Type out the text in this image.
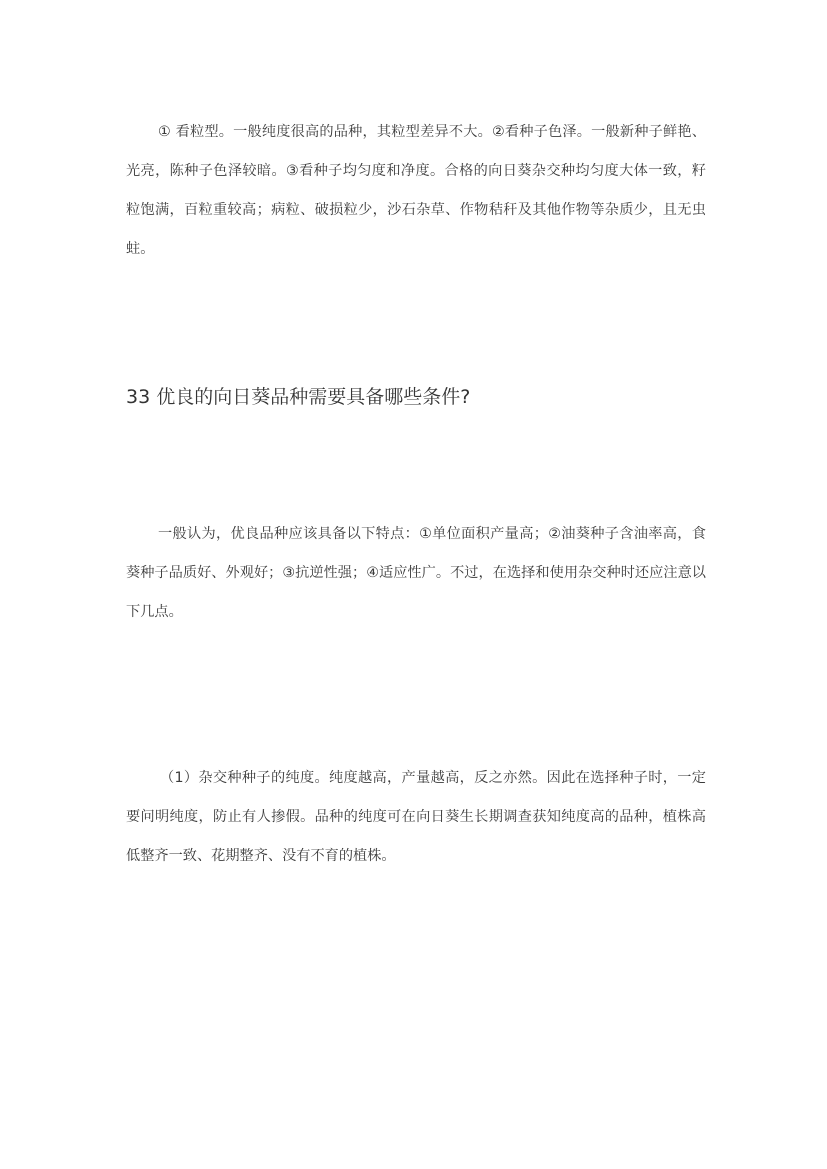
① 看粒型。一般纯度很高的品种，其粒型差异不大。②看种子色泽。一般新种子鲜艳、光亮，陈种子色泽较暗。③看种子均匀度和净度。合格的向日葵杂交种均匀度大体一致，籽粒饱满，百粒重较高；病粒、破损粒少，沙石杂草、作物秸秆及其他作物等杂质少，且无虫蛀。

33 优良的向日葵品种需要具备哪些条件?

一般认为，优良品种应该具备以下特点：①单位面积产量高；②油葵种子含油率高，食葵种子品质好、外观好；③抗逆性强；④适应性广。不过，在选择和使用杂交种时还应注意以下几点。

（1）杂交种种子的纯度。纯度越高，产量越高，反之亦然。因此在选择种子时，一定要问明纯度，防止有人掺假。品种的纯度可在向日葵生长期调查获知纯度高的品种，植株高低整齐一致、花期整齐、没有不育的植株。
